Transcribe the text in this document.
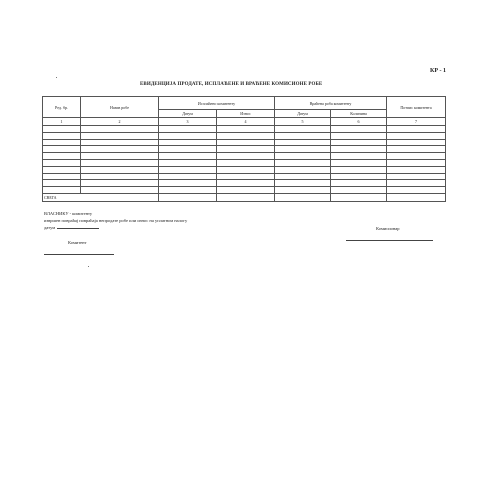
КР - 1
ЕВИДЕНЦИЈА ПРОДАТЕ, ИСПЛАЋЕНЕ И ВРАЋЕНЕ КОМИСИОНЕ РОБЕ
Ред. бр.	Назив робе	Исплаћено комитенту		Враћена роба комитенту		Потпис комитента
		Датум	Износ	Датум	Количина	
1	2	3	4	5	6	7

СВЕГА						
ВЛАСНИКУ - комитенту
извршен повраћај повраћаја непродате робе или износ на уплатном налогу
датум	Комисионар
Комитент
